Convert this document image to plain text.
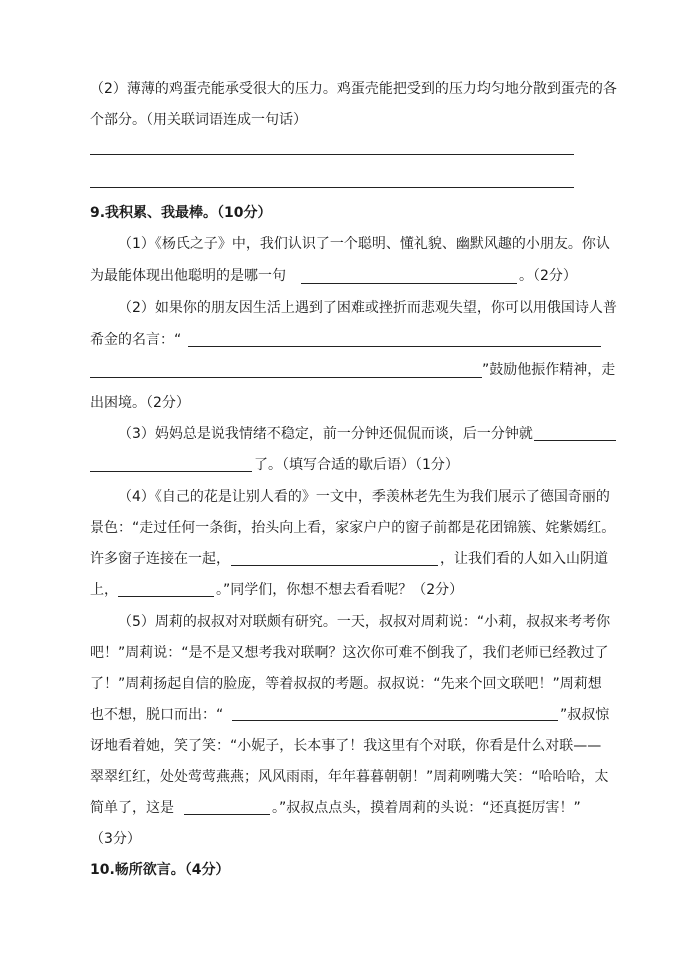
（2）薄薄的鸡蛋壳能承受很大的压力。鸡蛋壳能把受到的压力均匀地分散到蛋壳的各
个部分。（用关联词语连成一句话）
9.我积累、我最棒。（10分）
（1）《杨氏之子》中，我们认识了一个聪明、懂礼貌、幽默风趣的小朋友。你认
为最能体现出他聪明的是哪一句	。（2分）
（2）如果你的朋友因生活上遇到了困难或挫折而悲观失望，你可以用俄国诗人普
希金的名言：“
”鼓励他振作精神，走
出困境。（2分）
（3）妈妈总是说我情绪不稳定，前一分钟还侃侃而谈，后一分钟就
了。（填写合适的歇后语）（1分）
（4）《自己的花是让别人看的》一文中，季羡林老先生为我们展示了德国奇丽的
景色：“走过任何一条街，抬头向上看，家家户户的窗子前都是花团锦簇、姹紫嫣红。
许多窗子连接在一起，	，让我们看的人如入山阴道
上，	。”同学们，你想不想去看看呢？（2分）
（5）周莉的叔叔对对联颇有研究。一天，叔叔对周莉说：“小莉，叔叔来考考你
吧！”周莉说：“是不是又想考我对联啊？这次你可难不倒我了，我们老师已经教过了
了！”周莉扬起自信的脸庞，等着叔叔的考题。叔叔说：“先来个回文联吧！”周莉想
也不想，脱口而出：“	”叔叔惊
讶地看着她，笑了笑：“小妮子，长本事了！我这里有个对联，你看是什么对联——
翠翠红红，处处莺莺燕燕；风风雨雨，年年暮暮朝朝！”周莉咧嘴大笑：“哈哈哈，太
简单了，这是	。”叔叔点点头，摸着周莉的头说：“还真挺厉害！”
（3分）
10.畅所欲言。（4分）
